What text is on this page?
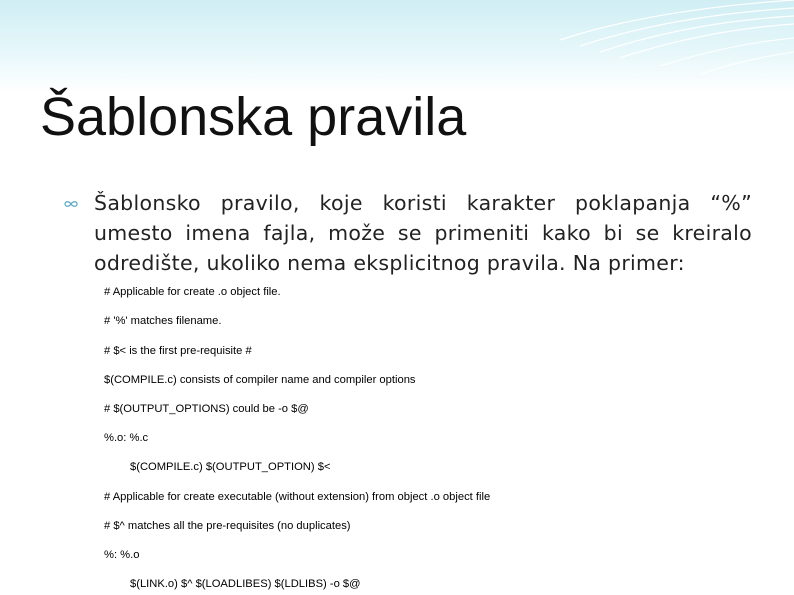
Šablonska pravila
Šablonsko pravilo, koje koristi karakter poklapanja “%” umesto imena fajla, može se primeniti kako bi se kreiralo odredište, ukoliko nema eksplicitnog pravila. Na primer:
# Applicable for create .o object file.
# '%' matches filename.
# $< is the first pre-requisite #
$(COMPILE.c) consists of compiler name and compiler options
# $(OUTPUT_OPTIONS) could be -o $@
%.o: %.c
$(COMPILE.c) $(OUTPUT_OPTION) $<
# Applicable for create executable (without extension) from object .o object file
# $^ matches all the pre-requisites (no duplicates)
%: %.o
$(LINK.o) $^ $(LOADLIBES) $(LDLIBS) -o $@
